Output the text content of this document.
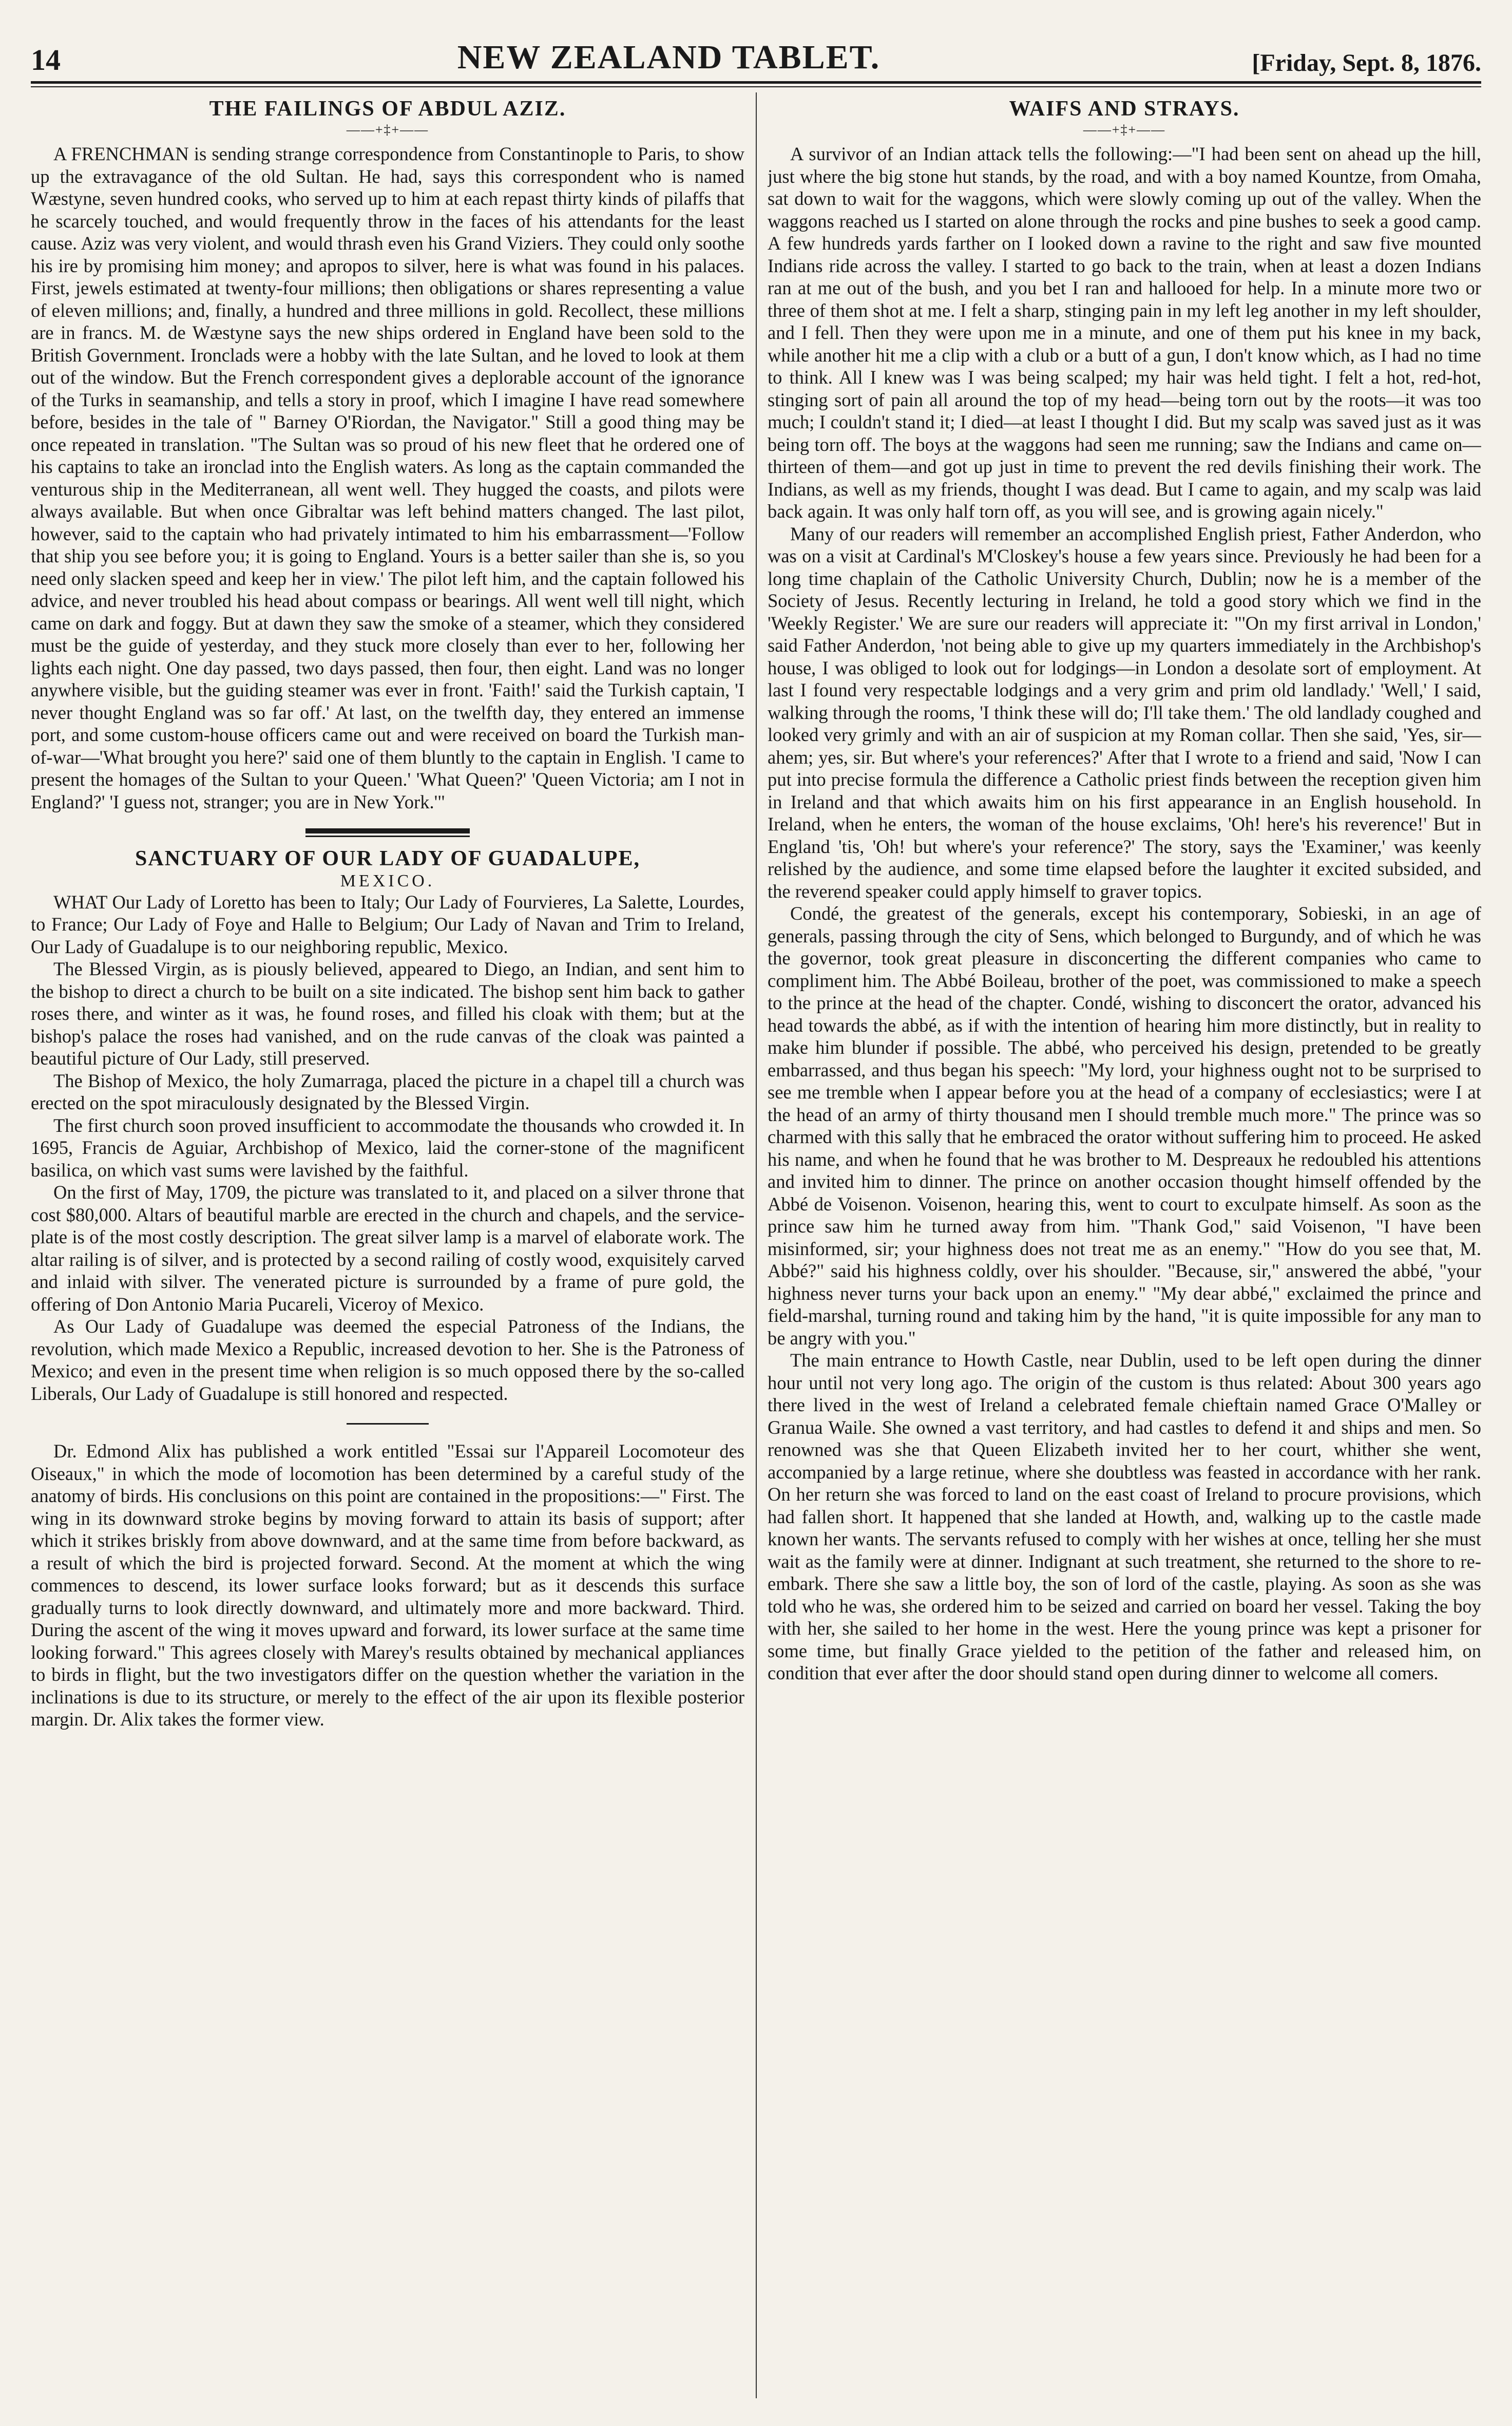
14	NEW ZEALAND TABLET.	[Friday, Sept. 8, 1876.
THE FAILINGS OF ABDUL AZIZ.
——+‡+——

A FRENCHMAN is sending strange correspondence from Constantinople to Paris, to show up the extravagance of the old Sultan. He had, says this correspondent who is named Wæstyne, seven hundred cooks, who served up to him at each repast thirty kinds of pilaffs that he scarcely touched, and would frequently throw in the faces of his attendants for the least cause. Aziz was very violent, and would thrash even his Grand Viziers. They could only soothe his ire by promising him money; and apropos to silver, here is what was found in his palaces. First, jewels estimated at twenty-four millions; then obligations or shares representing a value of eleven millions; and, finally, a hundred and three millions in gold. Recollect, these millions are in francs. M. de Wæstyne says the new ships ordered in England have been sold to the British Government. Ironclads were a hobby with the late Sultan, and he loved to look at them out of the window. But the French correspondent gives a deplorable account of the ignorance of the Turks in seamanship, and tells a story in proof, which I imagine I have read somewhere before, besides in the tale of " Barney O'Riordan, the Navigator." Still a good thing may be once repeated in translation. "The Sultan was so proud of his new fleet that he ordered one of his captains to take an ironclad into the English waters. As long as the captain commanded the venturous ship in the Mediterranean, all went well. They hugged the coasts, and pilots were always available. But when once Gibraltar was left behind matters changed. The last pilot, however, said to the captain who had privately intimated to him his embarrassment—'Follow that ship you see before you; it is going to England. Yours is a better sailer than she is, so you need only slacken speed and keep her in view.' The pilot left him, and the captain followed his advice, and never troubled his head about compass or bearings. All went well till night, which came on dark and foggy. But at dawn they saw the smoke of a steamer, which they considered must be the guide of yesterday, and they stuck more closely than ever to her, following her lights each night. One day passed, two days passed, then four, then eight. Land was no longer anywhere visible, but the guiding steamer was ever in front. 'Faith!' said the Turkish captain, 'I never thought England was so far off.' At last, on the twelfth day, they entered an immense port, and some custom-house officers came out and were received on board the Turkish man-of-war—'What brought you here?' said one of them bluntly to the captain in English. 'I came to present the homages of the Sultan to your Queen.' 'What Queen?' 'Queen Victoria; am I not in England?' 'I guess not, stranger; you are in New York.'"

SANCTUARY OF OUR LADY OF GUADALUPE,
MEXICO.

WHAT Our Lady of Loretto has been to Italy; Our Lady of Fourvieres, La Salette, Lourdes, to France; Our Lady of Foye and Halle to Belgium; Our Lady of Navan and Trim to Ireland, Our Lady of Guadalupe is to our neighboring republic, Mexico.

The Blessed Virgin, as is piously believed, appeared to Diego, an Indian, and sent him to the bishop to direct a church to be built on a site indicated. The bishop sent him back to gather roses there, and winter as it was, he found roses, and filled his cloak with them; but at the bishop's palace the roses had vanished, and on the rude canvas of the cloak was painted a beautiful picture of Our Lady, still preserved.

The Bishop of Mexico, the holy Zumarraga, placed the picture in a chapel till a church was erected on the spot miraculously designated by the Blessed Virgin.

The first church soon proved insufficient to accommodate the thousands who crowded it. In 1695, Francis de Aguiar, Archbishop of Mexico, laid the corner-stone of the magnificent basilica, on which vast sums were lavished by the faithful.

On the first of May, 1709, the picture was translated to it, and placed on a silver throne that cost $80,000. Altars of beautiful marble are erected in the church and chapels, and the service-plate is of the most costly description. The great silver lamp is a marvel of elaborate work. The altar railing is of silver, and is protected by a second railing of costly wood, exquisitely carved and inlaid with silver. The venerated picture is surrounded by a frame of pure gold, the offering of Don Antonio Maria Pucareli, Viceroy of Mexico.

As Our Lady of Guadalupe was deemed the especial Patroness of the Indians, the revolution, which made Mexico a Republic, increased devotion to her. She is the Patroness of Mexico; and even in the present time when religion is so much opposed there by the so-called Liberals, Our Lady of Guadalupe is still honored and respected.

Dr. Edmond Alix has published a work entitled "Essai sur l'Appareil Locomoteur des Oiseaux," in which the mode of locomotion has been determined by a careful study of the anatomy of birds. His conclusions on this point are contained in the propositions:—" First. The wing in its downward stroke begins by moving forward to attain its basis of support; after which it strikes briskly from above downward, and at the same time from before backward, as a result of which the bird is projected forward. Second. At the moment at which the wing commences to descend, its lower surface looks forward; but as it descends this surface gradually turns to look directly downward, and ultimately more and more backward. Third. During the ascent of the wing it moves upward and forward, its lower surface at the same time looking forward." This agrees closely with Marey's results obtained by mechanical appliances to birds in flight, but the two investigators differ on the question whether the variation in the inclinations is due to its structure, or merely to the effect of the air upon its flexible posterior margin. Dr. Alix takes the former view.

WAIFS AND STRAYS.
——+‡+——

A survivor of an Indian attack tells the following:—"I had been sent on ahead up the hill, just where the big stone hut stands, by the road, and with a boy named Kountze, from Omaha, sat down to wait for the waggons, which were slowly coming up out of the valley. When the waggons reached us I started on alone through the rocks and pine bushes to seek a good camp. A few hundreds yards farther on I looked down a ravine to the right and saw five mounted Indians ride across the valley. I started to go back to the train, when at least a dozen Indians ran at me out of the bush, and you bet I ran and hallooed for help. In a minute more two or three of them shot at me. I felt a sharp, stinging pain in my left leg another in my left shoulder, and I fell. Then they were upon me in a minute, and one of them put his knee in my back, while another hit me a clip with a club or a butt of a gun, I don't know which, as I had no time to think. All I knew was I was being scalped; my hair was held tight. I felt a hot, red-hot, stinging sort of pain all around the top of my head—being torn out by the roots—it was too much; I couldn't stand it; I died—at least I thought I did. But my scalp was saved just as it was being torn off. The boys at the waggons had seen me running; saw the Indians and came on—thirteen of them—and got up just in time to prevent the red devils finishing their work. The Indians, as well as my friends, thought I was dead. But I came to again, and my scalp was laid back again. It was only half torn off, as you will see, and is growing again nicely."

Many of our readers will remember an accomplished English priest, Father Anderdon, who was on a visit at Cardinal's M'Closkey's house a few years since. Previously he had been for a long time chaplain of the Catholic University Church, Dublin; now he is a member of the Society of Jesus. Recently lecturing in Ireland, he told a good story which we find in the 'Weekly Register.' We are sure our readers will appreciate it: "'On my first arrival in London,' said Father Anderdon, 'not being able to give up my quarters immediately in the Archbishop's house, I was obliged to look out for lodgings—in London a desolate sort of employment. At last I found very respectable lodgings and a very grim and prim old landlady.' 'Well,' I said, walking through the rooms, 'I think these will do; I'll take them.' The old landlady coughed and looked very grimly and with an air of suspicion at my Roman collar. Then she said, 'Yes, sir—ahem; yes, sir. But where's your references?' After that I wrote to a friend and said, 'Now I can put into precise formula the difference a Catholic priest finds between the reception given him in Ireland and that which awaits him on his first appearance in an English household. In Ireland, when he enters, the woman of the house exclaims, 'Oh! here's his reverence!' But in England 'tis, 'Oh! but where's your reference?' The story, says the 'Examiner,' was keenly relished by the audience, and some time elapsed before the laughter it excited subsided, and the reverend speaker could apply himself to graver topics.

Condé, the greatest of the generals, except his contemporary, Sobieski, in an age of generals, passing through the city of Sens, which belonged to Burgundy, and of which he was the governor, took great pleasure in disconcerting the different companies who came to compliment him. The Abbé Boileau, brother of the poet, was commissioned to make a speech to the prince at the head of the chapter. Condé, wishing to disconcert the orator, advanced his head towards the abbé, as if with the intention of hearing him more distinctly, but in reality to make him blunder if possible. The abbé, who perceived his design, pretended to be greatly embarrassed, and thus began his speech: "My lord, your highness ought not to be surprised to see me tremble when I appear before you at the head of a company of ecclesiastics; were I at the head of an army of thirty thousand men I should tremble much more." The prince was so charmed with this sally that he embraced the orator without suffering him to proceed. He asked his name, and when he found that he was brother to M. Despreaux he redoubled his attentions and invited him to dinner. The prince on another occasion thought himself offended by the Abbé de Voisenon. Voisenon, hearing this, went to court to exculpate himself. As soon as the prince saw him he turned away from him. "Thank God," said Voisenon, "I have been misinformed, sir; your highness does not treat me as an enemy." "How do you see that, M. Abbé?" said his highness coldly, over his shoulder. "Because, sir," answered the abbé, "your highness never turns your back upon an enemy." "My dear abbé," exclaimed the prince and field-marshal, turning round and taking him by the hand, "it is quite impossible for any man to be angry with you."

The main entrance to Howth Castle, near Dublin, used to be left open during the dinner hour until not very long ago. The origin of the custom is thus related: About 300 years ago there lived in the west of Ireland a celebrated female chieftain named Grace O'Malley or Granua Waile. She owned a vast territory, and had castles to defend it and ships and men. So renowned was she that Queen Elizabeth invited her to her court, whither she went, accompanied by a large retinue, where she doubtless was feasted in accordance with her rank. On her return she was forced to land on the east coast of Ireland to procure provisions, which had fallen short. It happened that she landed at Howth, and, walking up to the castle made known her wants. The servants refused to comply with her wishes at once, telling her she must wait as the family were at dinner. Indignant at such treatment, she returned to the shore to re-embark. There she saw a little boy, the son of lord of the castle, playing. As soon as she was told who he was, she ordered him to be seized and carried on board her vessel. Taking the boy with her, she sailed to her home in the west. Here the young prince was kept a prisoner for some time, but finally Grace yielded to the petition of the father and released him, on condition that ever after the door should stand open during dinner to welcome all comers.
